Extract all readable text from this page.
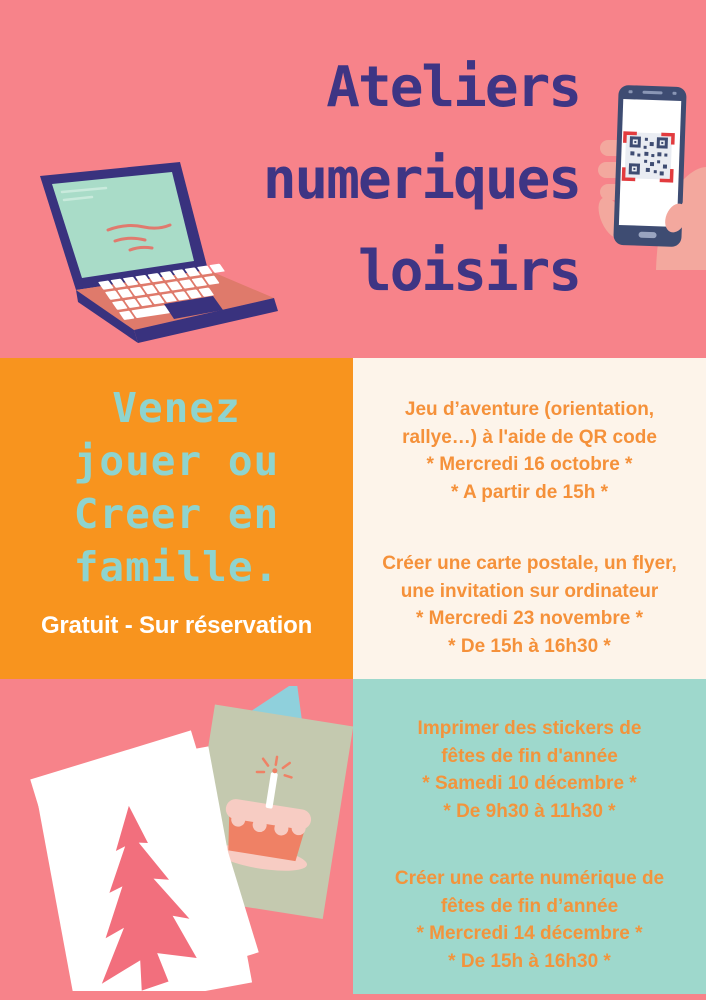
Ateliers
numeriques
loisirs
Venez
jouer ou
Creer en
famille.
Gratuit - Sur réservation
Jeu d’aventure (orientation,
rallye…) à l'aide de QR code
* Mercredi 16 octobre *
* A partir de 15h *
Créer une carte postale, un flyer,
une invitation sur ordinateur
* Mercredi 23 novembre *
* De 15h à 16h30 *
Imprimer des stickers de
fêtes de fin d'année
* Samedi 10 décembre *
* De 9h30 à 11h30 *
Créer une carte numérique de
fêtes de fin d’année
* Mercredi 14 décembre *
* De 15h à 16h30 *
